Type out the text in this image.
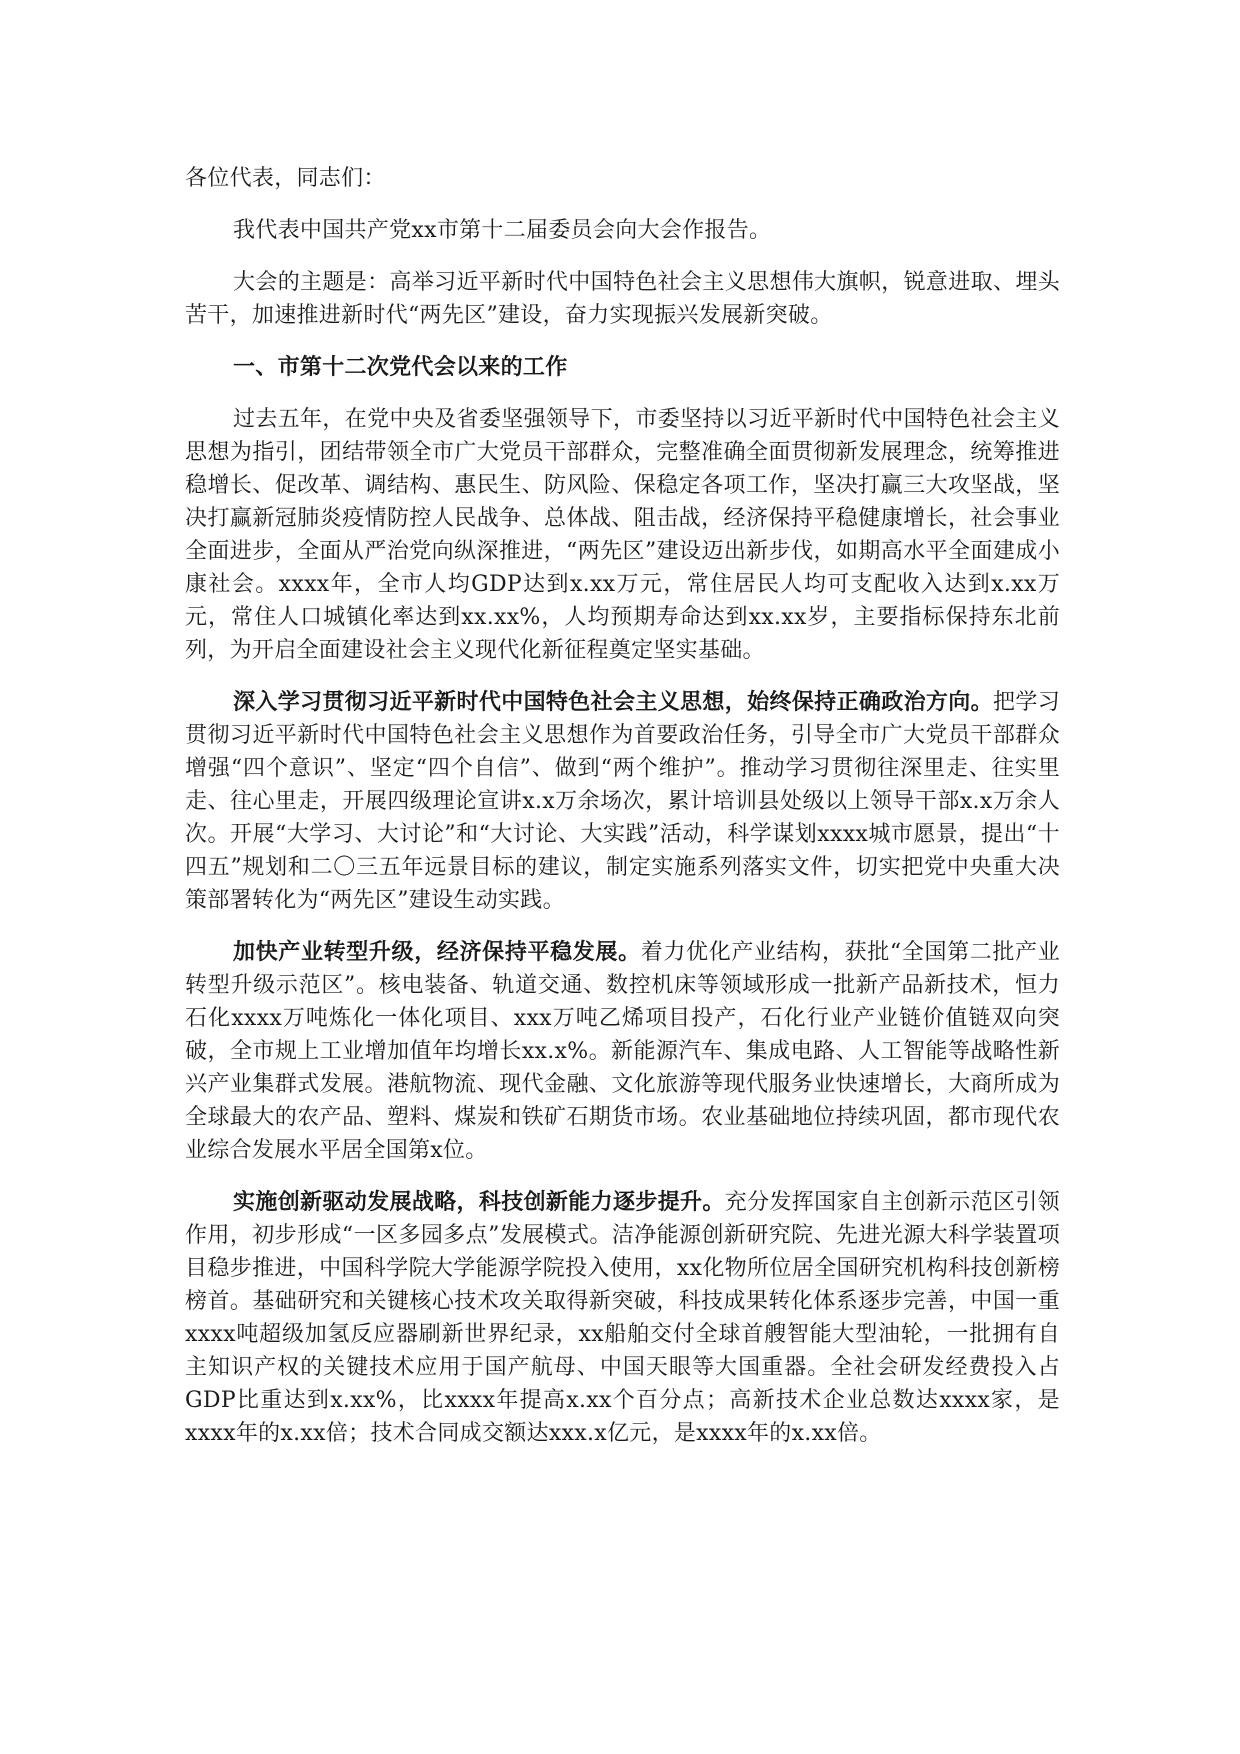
各位代表，同志们：

我代表中国共产党xx市第十二届委员会向大会作报告。

大会的主题是：高举习近平新时代中国特色社会主义思想伟大旗帜，锐意进取、埋头苦干，加速推进新时代“两先区”建设，奋力实现振兴发展新突破。

一、市第十二次党代会以来的工作

过去五年，在党中央及省委坚强领导下，市委坚持以习近平新时代中国特色社会主义思想为指引，团结带领全市广大党员干部群众，完整准确全面贯彻新发展理念，统筹推进稳增长、促改革、调结构、惠民生、防风险、保稳定各项工作，坚决打赢三大攻坚战，坚决打赢新冠肺炎疫情防控人民战争、总体战、阻击战，经济保持平稳健康增长，社会事业全面进步，全面从严治党向纵深推进，“两先区”建设迈出新步伐，如期高水平全面建成小康社会。xxxx年，全市人均GDP达到x.xx万元，常住居民人均可支配收入达到x.xx万元，常住人口城镇化率达到xx.xx%，人均预期寿命达到xx.xx岁，主要指标保持东北前列，为开启全面建设社会主义现代化新征程奠定坚实基础。

深入学习贯彻习近平新时代中国特色社会主义思想，始终保持正确政治方向。把学习贯彻习近平新时代中国特色社会主义思想作为首要政治任务，引导全市广大党员干部群众增强“四个意识”、坚定“四个自信”、做到“两个维护”。推动学习贯彻往深里走、往实里走、往心里走，开展四级理论宣讲x.x万余场次，累计培训县处级以上领导干部x.x万余人次。开展“大学习、大讨论”和“大讨论、大实践”活动，科学谋划xxxx城市愿景，提出“十四五”规划和二〇三五年远景目标的建议，制定实施系列落实文件，切实把党中央重大决策部署转化为“两先区”建设生动实践。

加快产业转型升级，经济保持平稳发展。着力优化产业结构，获批“全国第二批产业转型升级示范区”。核电装备、轨道交通、数控机床等领域形成一批新产品新技术，恒力石化xxxx万吨炼化一体化项目、xxx万吨乙烯项目投产，石化行业产业链价值链双向突破，全市规上工业增加值年均增长xx.x%。新能源汽车、集成电路、人工智能等战略性新兴产业集群式发展。港航物流、现代金融、文化旅游等现代服务业快速增长，大商所成为全球最大的农产品、塑料、煤炭和铁矿石期货市场。农业基础地位持续巩固，都市现代农业综合发展水平居全国第x位。

实施创新驱动发展战略，科技创新能力逐步提升。充分发挥国家自主创新示范区引领作用，初步形成“一区多园多点”发展模式。洁净能源创新研究院、先进光源大科学装置项目稳步推进，中国科学院大学能源学院投入使用，xx化物所位居全国研究机构科技创新榜榜首。基础研究和关键核心技术攻关取得新突破，科技成果转化体系逐步完善，中国一重xxxx吨超级加氢反应器刷新世界纪录，xx船舶交付全球首艘智能大型油轮，一批拥有自主知识产权的关键技术应用于国产航母、中国天眼等大国重器。全社会研发经费投入占GDP比重达到x.xx%，比xxxx年提高x.xx个百分点；高新技术企业总数达xxxx家，是xxxx年的x.xx倍；技术合同成交额达xxx.x亿元，是xxxx年的x.xx倍。
